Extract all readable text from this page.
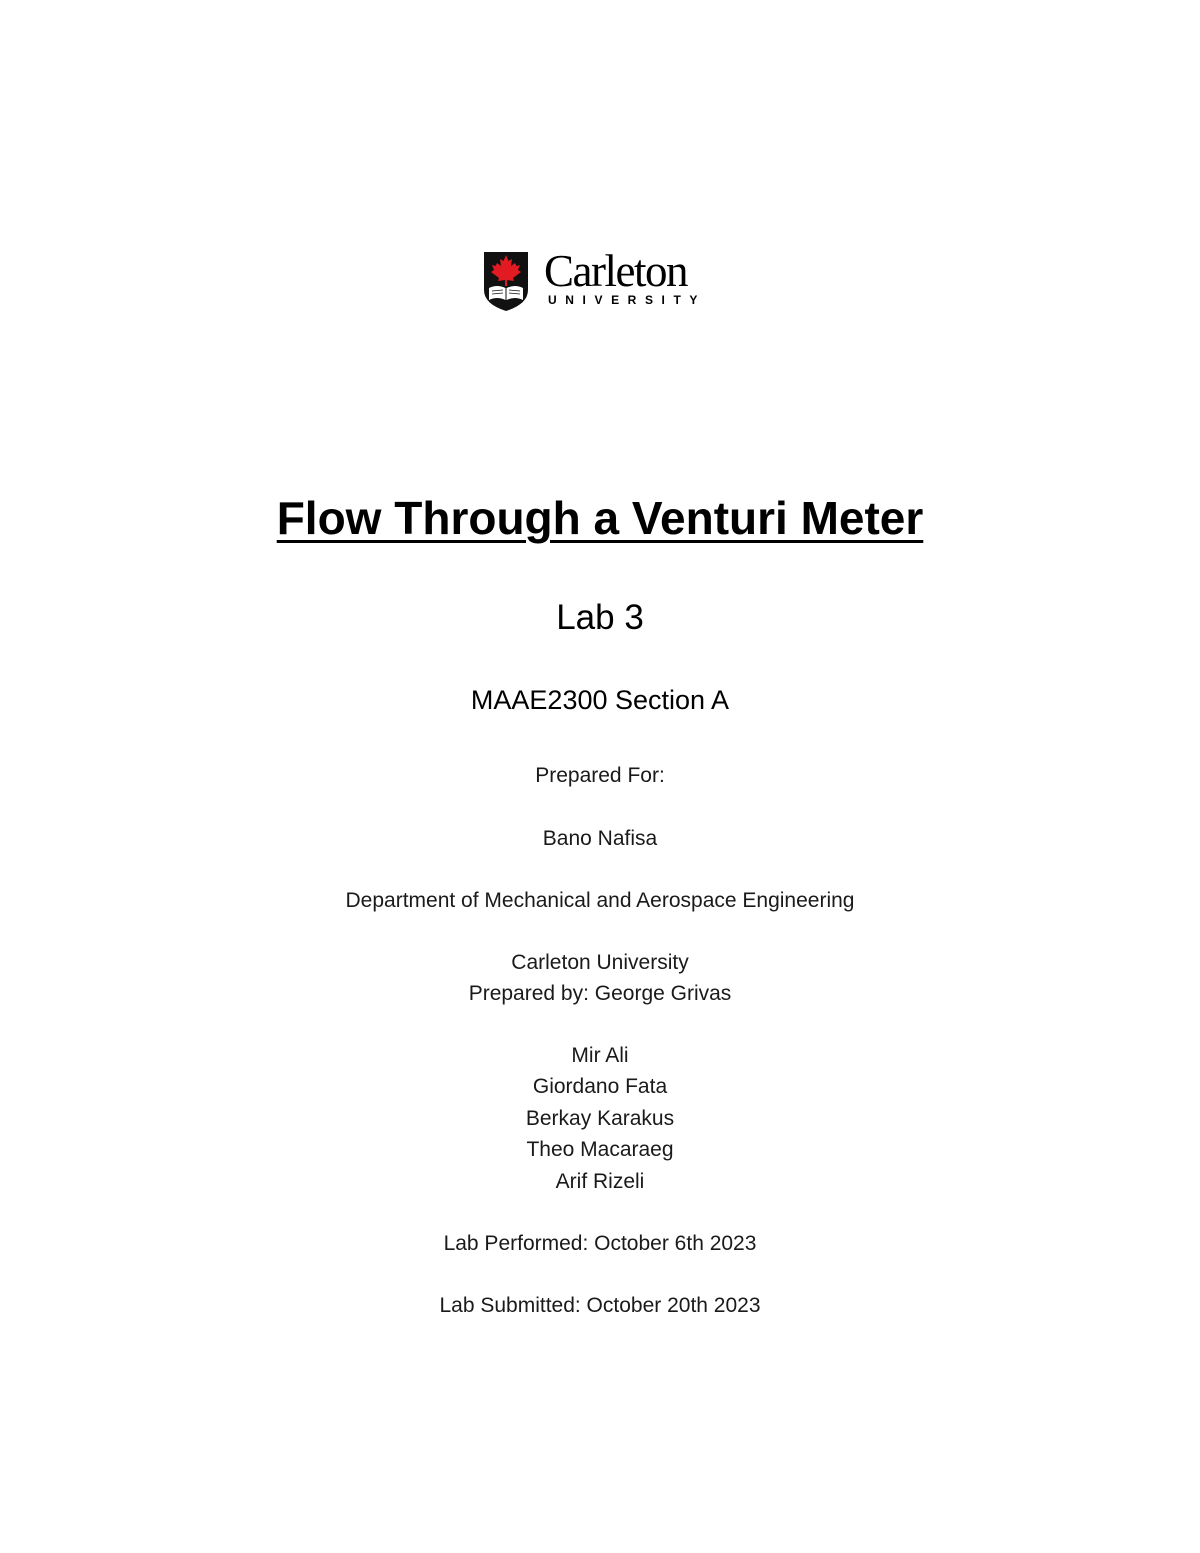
Carleton
UNIVERSITY
Flow Through a Venturi Meter
Lab 3
MAAE2300 Section A
Prepared For:
Bano Nafisa
Department of Mechanical and Aerospace Engineering
Carleton University
Prepared by: George Grivas
Mir Ali
Giordano Fata
Berkay Karakus
Theo Macaraeg
Arif Rizeli
Lab Performed: October 6th 2023
Lab Submitted: October 20th 2023
